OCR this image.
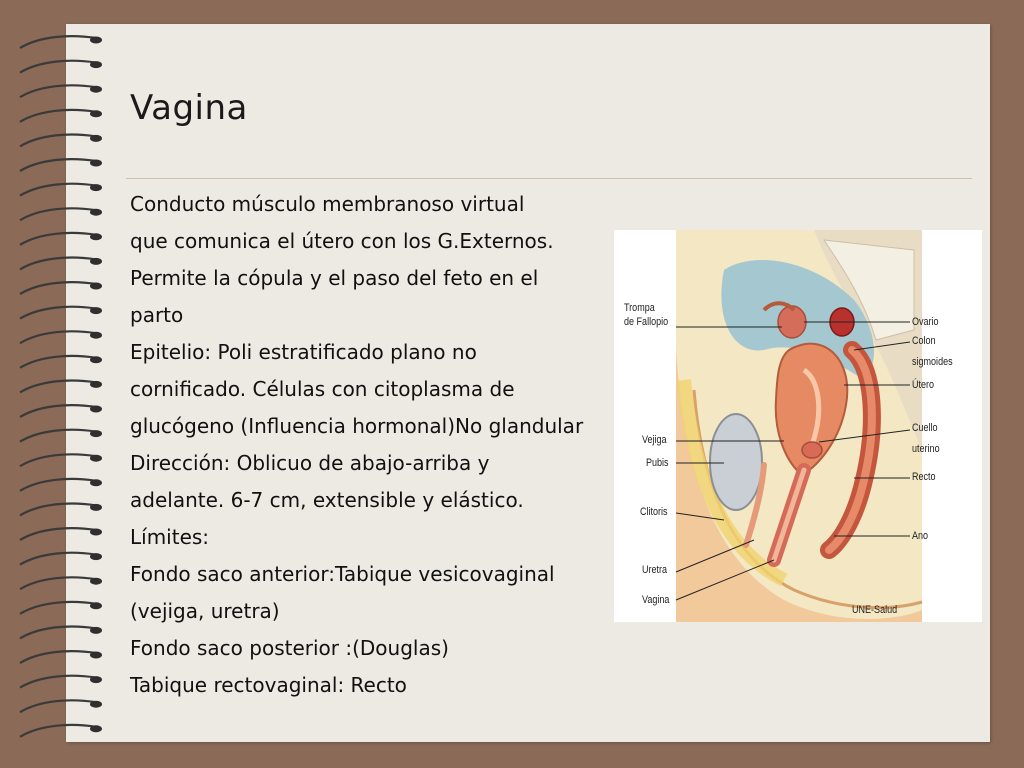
Vagina
Conducto músculo membranoso virtual
que comunica el útero con los G.Externos.
Permite la cópula y el paso del feto en el
parto
Epitelio: Poli estratificado plano no
cornificado. Células con citoplasma de
glucógeno (Influencia hormonal)No glandular
Dirección: Oblicuo de abajo-arriba y
adelante. 6-7 cm, extensible y elástico.
Límites:
Fondo saco anterior:Tabique vesicovaginal
(vejiga, uretra)
Fondo saco posterior :(Douglas)
Tabique rectovaginal: Recto
Trompa
de Fallopio
Vejiga
Pubis
Clitoris
Uretra
Vagina
Ovario
Colon
sigmoides
Útero
Cuello
uterino
Recto
Ano
UNE-Salud
